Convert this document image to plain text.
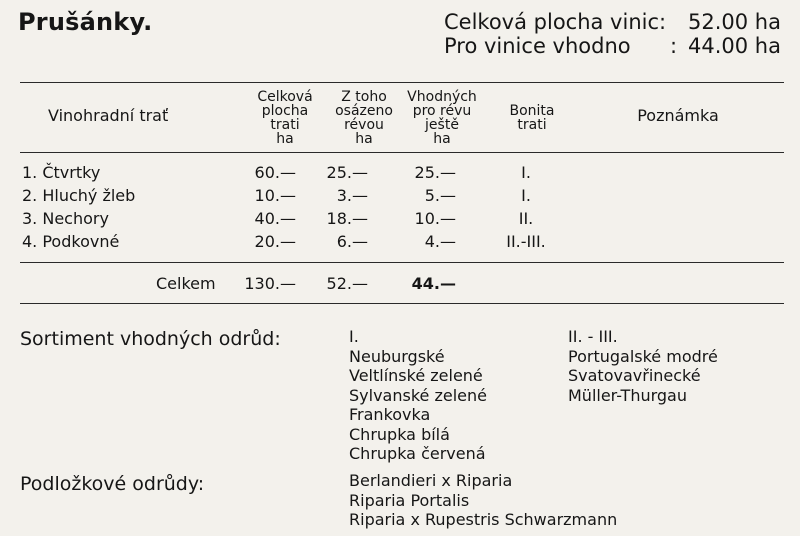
Prušánky.	Celková plocha vinic: 52.00 ha
Pro vinice vhodno : 44.00 ha
Vinohradní trať
Celková
plocha
trati
ha
Z toho
osázeno
révou
ha
Vhodných
pro révu
ještě
ha
Bonita
trati	Poznámka
1. Čtvrtky	60.—	25.—	25.—	I.
2. Hluchý žleb	10.—	3.—	5.—	I.
3. Nechory	40.—	18.—	10.—	II.
4. Podkovné	20.—	6.—	4.—	II.-III.
Celkem	130.—	52.—	44.—
Sortiment vhodných odrůd:	I.
Neuburgské
Veltlínské zelené
Sylvanské zelené
Frankovka
Chrupka bílá
Chrupka červená
II. - III.
Portugalské modré
Svatovavřinecké
Müller-Thurgau
Podložkové odrůdy:	Berlandieri x Riparia
Riparia Portalis
Riparia x Rupestris Schwarzmann
